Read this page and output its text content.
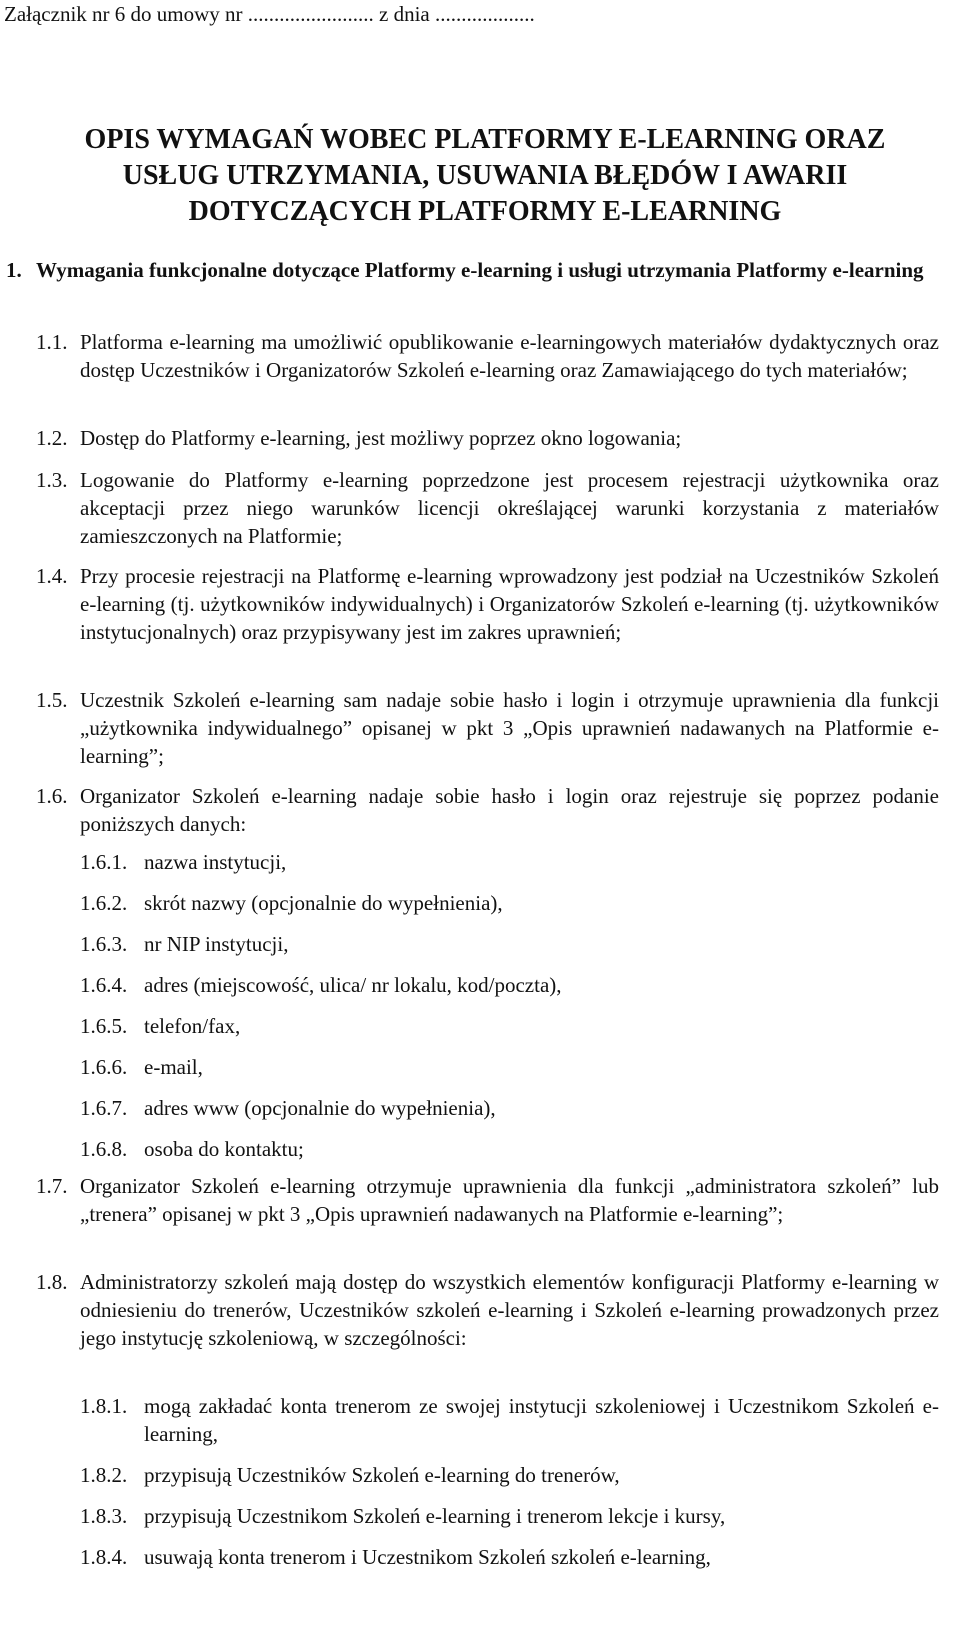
Załącznik nr 6 do umowy nr ........................ z dnia ...................

OPIS WYMAGAŃ WOBEC PLATFORMY E-LEARNING ORAZ
USŁUG UTRZYMANIA, USUWANIA BŁĘDÓW I AWARII
DOTYCZĄCYCH PLATFORMY E-LEARNING
1. Wymagania funkcjonalne dotyczące Platformy e-learning i usługi utrzymania Platformy e-learning
1.1. Platforma e-learning ma umożliwić opublikowanie e-learningowych materiałów dydaktycznych oraz dostęp Uczestników i Organizatorów Szkoleń e-learning oraz Zamawiającego do tych materiałów;
1.2. Dostęp do Platformy e-learning, jest możliwy poprzez okno logowania;
1.3. Logowanie do Platformy e-learning poprzedzone jest procesem rejestracji użytkownika oraz akceptacji przez niego warunków licencji określającej warunki korzystania z materiałów zamieszczonych na Platformie;
1.4. Przy procesie rejestracji na Platformę e-learning wprowadzony jest podział na Uczestników Szkoleń e-learning (tj. użytkowników indywidualnych) i Organizatorów Szkoleń e-learning (tj. użytkowników instytucjonalnych) oraz przypisywany jest im zakres uprawnień;
1.5. Uczestnik Szkoleń e-learning sam nadaje sobie hasło i login i otrzymuje uprawnienia dla funkcji „użytkownika indywidualnego” opisanej w pkt 3 „Opis uprawnień nadawanych na Platformie e-learning”;
1.6. Organizator Szkoleń e-learning nadaje sobie hasło i login oraz rejestruje się poprzez podanie poniższych danych:
1.6.1. nazwa instytucji,
1.6.2. skrót nazwy (opcjonalnie do wypełnienia),
1.6.3. nr NIP instytucji,
1.6.4. adres (miejscowość, ulica/ nr lokalu, kod/poczta),
1.6.5. telefon/fax,
1.6.6. e-mail,
1.6.7. adres www (opcjonalnie do wypełnienia),
1.6.8. osoba do kontaktu;
1.7. Organizator Szkoleń e-learning otrzymuje uprawnienia dla funkcji „administratora szkoleń” lub „trenera” opisanej w pkt 3 „Opis uprawnień nadawanych na Platformie e-learning”;
1.8. Administratorzy szkoleń mają dostęp do wszystkich elementów konfiguracji Platformy e-learning w odniesieniu do trenerów, Uczestników szkoleń e-learning i Szkoleń e-learning prowadzonych przez jego instytucję szkoleniową, w szczególności:
1.8.1. mogą zakładać konta trenerom ze swojej instytucji szkoleniowej i Uczestnikom Szkoleń e-learning,
1.8.2. przypisują Uczestników Szkoleń e-learning do trenerów,
1.8.3. przypisują Uczestnikom Szkoleń e-learning i trenerom lekcje i kursy,
1.8.4. usuwają konta trenerom i Uczestnikom Szkoleń szkoleń e-learning,
